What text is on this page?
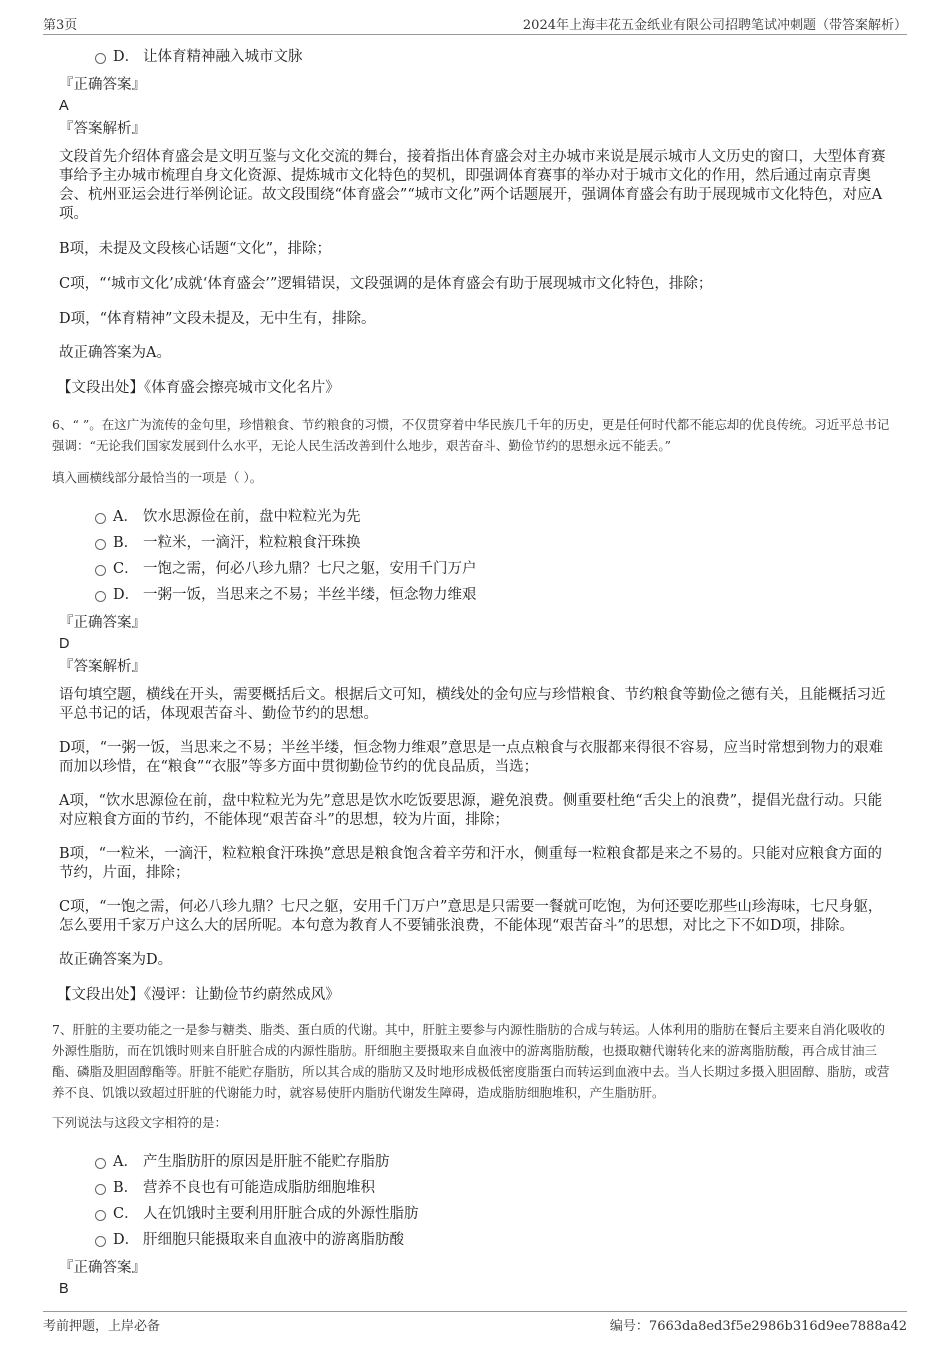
第3页	2024年上海丰花五金纸业有限公司招聘笔试冲刺题（带答案解析）
D． 让体育精神融入城市文脉
『正确答案』
A
『答案解析』

文段首先介绍体育盛会是文明互鉴与文化交流的舞台，接着指出体育盛会对主办城市来说是展示城市人文历史的窗口，大型体育赛事给予主办城市梳理自身文化资源、提炼城市文化特色的契机，即强调体育赛事的举办对于城市文化的作用，然后通过南京青奥会、杭州亚运会进行举例论证。故文段围绕“体育盛会”“城市文化”两个话题展开，强调体育盛会有助于展现城市文化特色，对应A项。

B项，未提及文段核心话题“文化”，排除；

C项，“‘城市文化’成就‘体育盛会’”逻辑错误，文段强调的是体育盛会有助于展现城市文化特色，排除；

D项，“体育精神”文段未提及，无中生有，排除。

故正确答案为A。

【文段出处】《体育盛会擦亮城市文化名片》

6、“ ”。在这广为流传的金句里，珍惜粮食、节约粮食的习惯，不仅贯穿着中华民族几千年的历史，更是任何时代都不能忘却的优良传统。习近平总书记强调：“无论我们国家发展到什么水平，无论人民生活改善到什么地步，艰苦奋斗、勤俭节约的思想永远不能丢。”

填入画横线部分最恰当的一项是（ ）。

A． 饮水思源俭在前，盘中粒粒光为先
B． 一粒米，一滴汗，粒粒粮食汗珠换
C． 一饱之需，何必八珍九鼎？七尺之躯，安用千门万户
D． 一粥一饭，当思来之不易；半丝半缕，恒念物力维艰
『正确答案』
D
『答案解析』

语句填空题，横线在开头，需要概括后文。根据后文可知，横线处的金句应与珍惜粮食、节约粮食等勤俭之德有关，且能概括习近平总书记的话，体现艰苦奋斗、勤俭节约的思想。

D项，“一粥一饭，当思来之不易；半丝半缕，恒念物力维艰”意思是一点点粮食与衣服都来得很不容易，应当时常想到物力的艰难而加以珍惜，在“粮食”“衣服”等多方面中贯彻勤俭节约的优良品质，当选；

A项，“饮水思源俭在前，盘中粒粒光为先”意思是饮水吃饭要思源，避免浪费。侧重要杜绝“舌尖上的浪费”，提倡光盘行动。只能对应粮食方面的节约，不能体现“艰苦奋斗”的思想，较为片面，排除；

B项，“一粒米，一滴汗，粒粒粮食汗珠换”意思是粮食饱含着辛劳和汗水，侧重每一粒粮食都是来之不易的。只能对应粮食方面的节约，片面，排除；

C项，“一饱之需，何必八珍九鼎？七尺之躯，安用千门万户”意思是只需要一餐就可吃饱，为何还要吃那些山珍海味，七尺身躯，怎么要用千家万户这么大的居所呢。本句意为教育人不要铺张浪费，不能体现“艰苦奋斗”的思想，对比之下不如D项，排除。

故正确答案为D。

【文段出处】《漫评：让勤俭节约蔚然成风》

7、肝脏的主要功能之一是参与糖类、脂类、蛋白质的代谢。其中，肝脏主要参与内源性脂肪的合成与转运。人体利用的脂肪在餐后主要来自消化吸收的外源性脂肪，而在饥饿时则来自肝脏合成的内源性脂肪。肝细胞主要摄取来自血液中的游离脂肪酸，也摄取糖代谢转化来的游离脂肪酸，再合成甘油三酯、磷脂及胆固醇酯等。肝脏不能贮存脂肪，所以其合成的脂肪又及时地形成极低密度脂蛋白而转运到血液中去。当人长期过多摄入胆固醇、脂肪，或营养不良、饥饿以致超过肝脏的代谢能力时，就容易使肝内脂肪代谢发生障碍，造成脂肪细胞堆积，产生脂肪肝。

下列说法与这段文字相符的是：

A． 产生脂肪肝的原因是肝脏不能贮存脂肪
B． 营养不良也有可能造成脂肪细胞堆积
C． 人在饥饿时主要利用肝脏合成的外源性脂肪
D． 肝细胞只能摄取来自血液中的游离脂肪酸
『正确答案』
B
考前押题，上岸必备	编号：7663da8ed3f5e2986b316d9ee7888a42
